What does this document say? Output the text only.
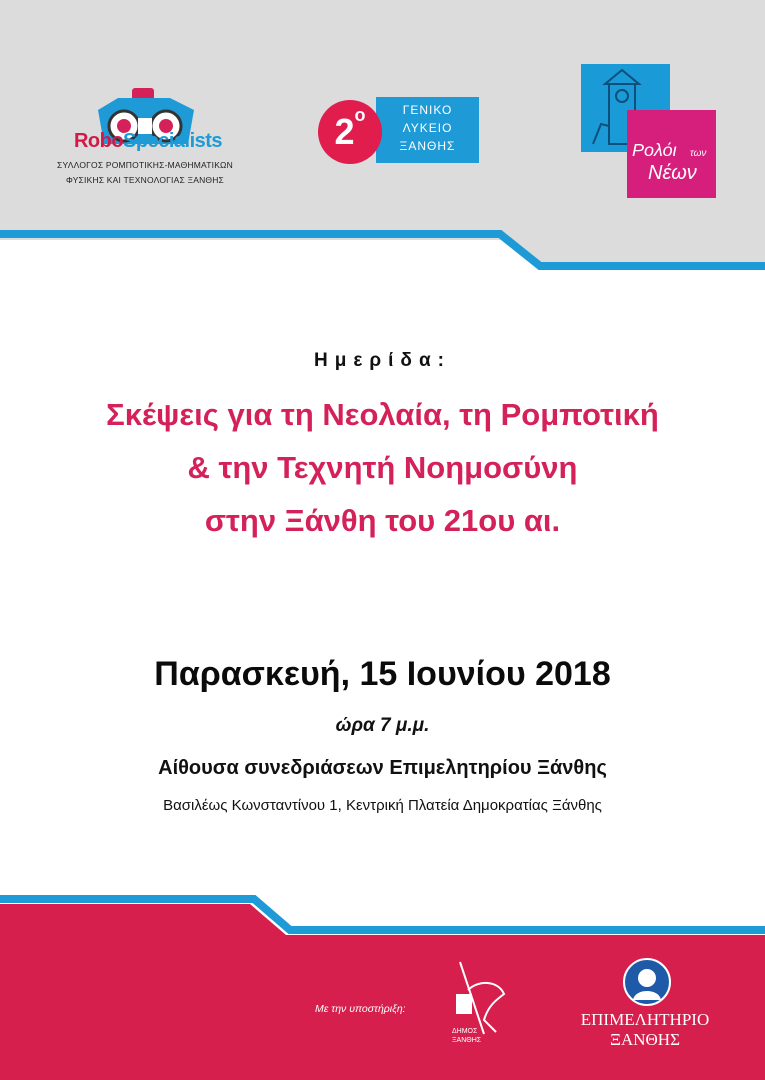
RoboSpecialists
ΣΥΛΛΟΓΟΣ ΡΟΜΠΟΤΙΚΗΣ-ΜΑΘΗΜΑΤΙΚΩΝ
ΦΥΣΙΚΗΣ ΚΑΙ ΤΕΧΝΟΛΟΓΙΑΣ ΞΑΝΘΗΣ
ΓΕΝΙΚΟ
ΛΥΚΕΙΟ
ΞΑΝΘΗΣ
$2^o$
Ρολόι των
Νέων
Ημερίδα:
Σκέψεις για τη Νεολαία, τη Ρομποτική
& την Τεχνητή Νοημοσύνη
στην Ξάνθη του 21ου αι.
Παρασκευή, 15 Ιουνίου 2018
ώρα 7 μ.μ.
Αίθουσα συνεδριάσεων Επιμελητηρίου Ξάνθης
Βασιλέως Κωνσταντίνου 1, Κεντρική Πλατεία Δημοκρατίας Ξάνθης
Με την υποστήριξη:
ΔΗΜΟΣ
ΞΑΝΘΗΣ
ΕΠΙΜΕΛΗΤΗΡΙΟ
ΞΑΝΘΗΣ
